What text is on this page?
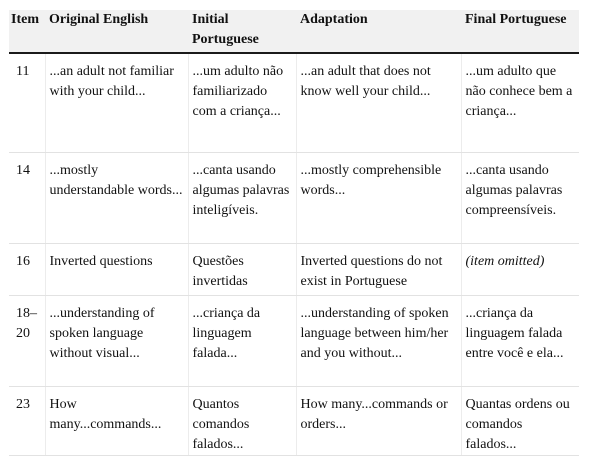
Item	Original English	Initial Portuguese	Adaptation	Final Portuguese
11	...an adult not familiar with your child...	...um adulto não familiarizado com a criança...	...an adult that does not know well your child...	...um adulto que não conhece bem a criança...
14	...mostly understandable words...	...canta usando algumas palavras inteligíveis.	...mostly comprehensible words...	...canta usando algumas palavras compreensíveis.
16	Inverted questions	Questões invertidas	Inverted questions do not exist in Portuguese	(item omitted)
18–20	...understanding of spoken language without visual...	...criança da linguagem falada...	...understanding of spoken language between him/her and you without...	...criança da linguagem falada entre você e ela...
23	How many...commands...	Quantos comandos falados...	How many...commands or orders...	Quantas ordens ou comandos falados...
